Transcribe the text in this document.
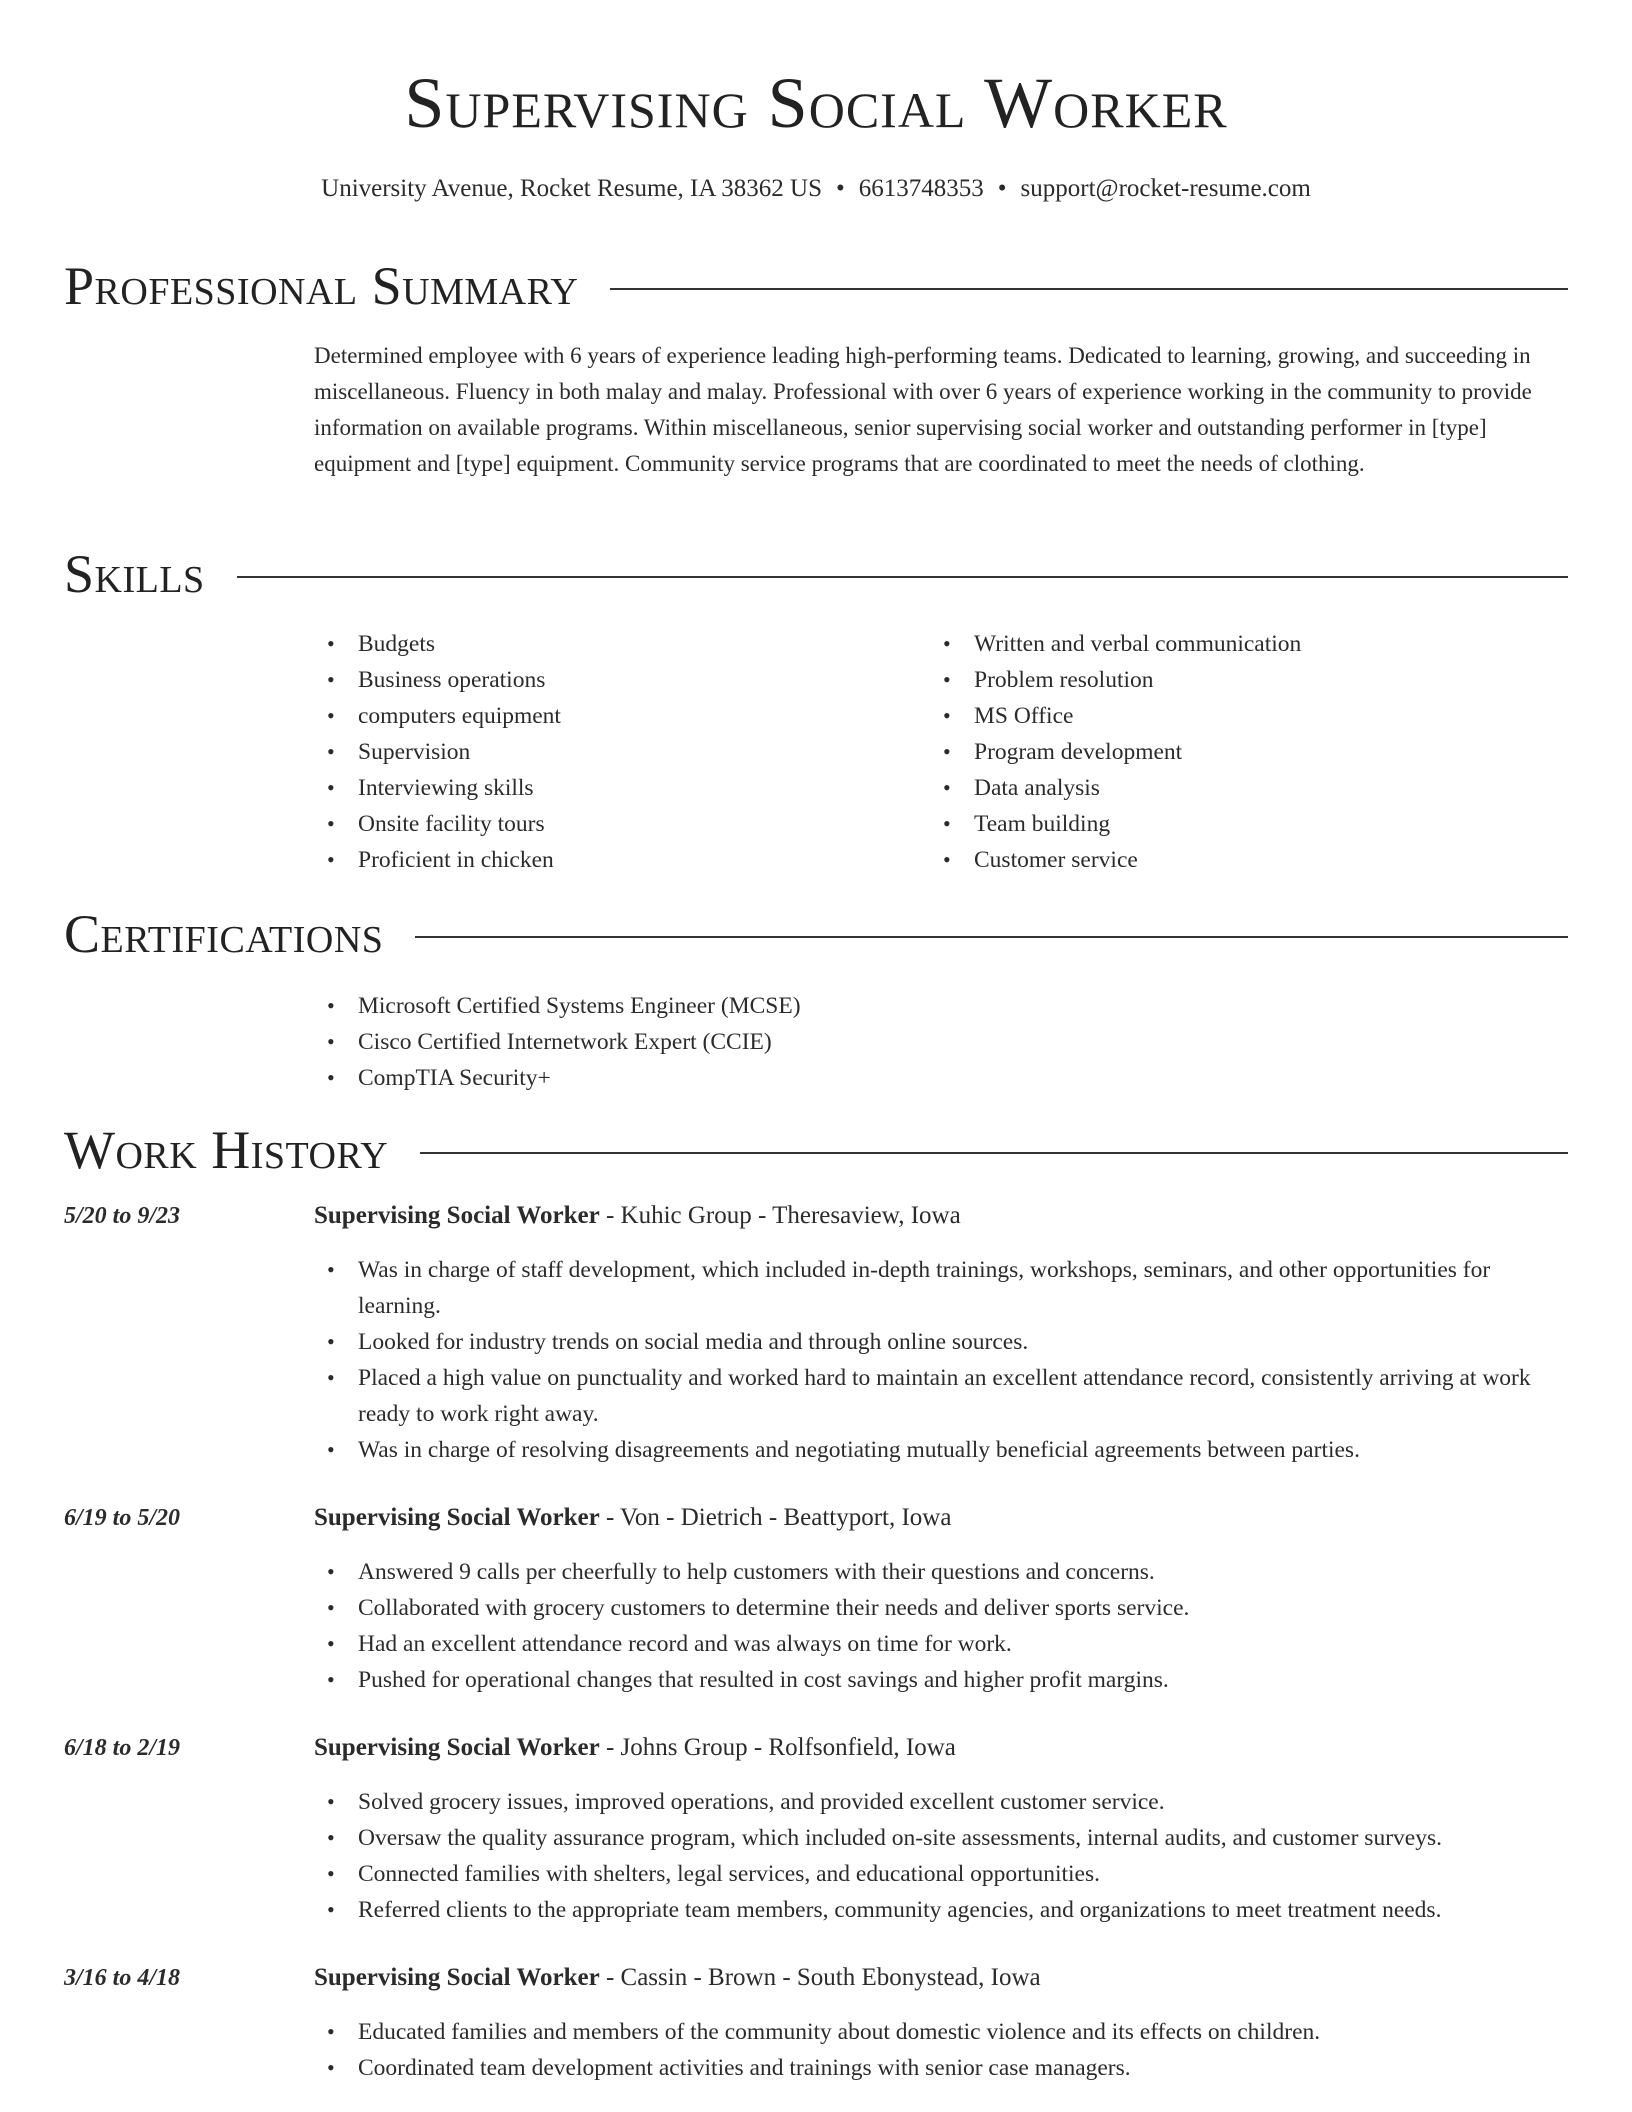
Supervising Social Worker
University Avenue, Rocket Resume, IA 38362 US • 6613748353 • support@rocket-resume.com
Professional Summary

Determined employee with 6 years of experience leading high-performing teams. Dedicated to learning, growing, and succeeding in miscellaneous. Fluency in both malay and malay. Professional with over 6 years of experience working in the community to provide information on available programs. Within miscellaneous, senior supervising social worker and outstanding performer in [type] equipment and [type] equipment. Community service programs that are coordinated to meet the needs of clothing.

Skills
• Budgets
• Business operations
• computers equipment
• Supervision
• Interviewing skills
• Onsite facility tours
• Proficient in chicken
• Written and verbal communication
• Problem resolution
• MS Office
• Program development
• Data analysis
• Team building
• Customer service
Certifications
• Microsoft Certified Systems Engineer (MCSE)
• Cisco Certified Internetwork Expert (CCIE)
• CompTIA Security+
Work History
5/20 to 9/23	Supervising Social Worker - Kuhic Group - Theresaview, Iowa
• Was in charge of staff development, which included in-depth trainings, workshops, seminars, and other opportunities for learning.
• Looked for industry trends on social media and through online sources.
• Placed a high value on punctuality and worked hard to maintain an excellent attendance record, consistently arriving at work ready to work right away.
• Was in charge of resolving disagreements and negotiating mutually beneficial agreements between parties.
6/19 to 5/20	Supervising Social Worker - Von - Dietrich - Beattyport, Iowa
• Answered 9 calls per cheerfully to help customers with their questions and concerns.
• Collaborated with grocery customers to determine their needs and deliver sports service.
• Had an excellent attendance record and was always on time for work.
• Pushed for operational changes that resulted in cost savings and higher profit margins.
6/18 to 2/19	Supervising Social Worker - Johns Group - Rolfsonfield, Iowa
• Solved grocery issues, improved operations, and provided excellent customer service.
• Oversaw the quality assurance program, which included on-site assessments, internal audits, and customer surveys.
• Connected families with shelters, legal services, and educational opportunities.
• Referred clients to the appropriate team members, community agencies, and organizations to meet treatment needs.
3/16 to 4/18	Supervising Social Worker - Cassin - Brown - South Ebonystead, Iowa
• Educated families and members of the community about domestic violence and its effects on children.
• Coordinated team development activities and trainings with senior case managers.
